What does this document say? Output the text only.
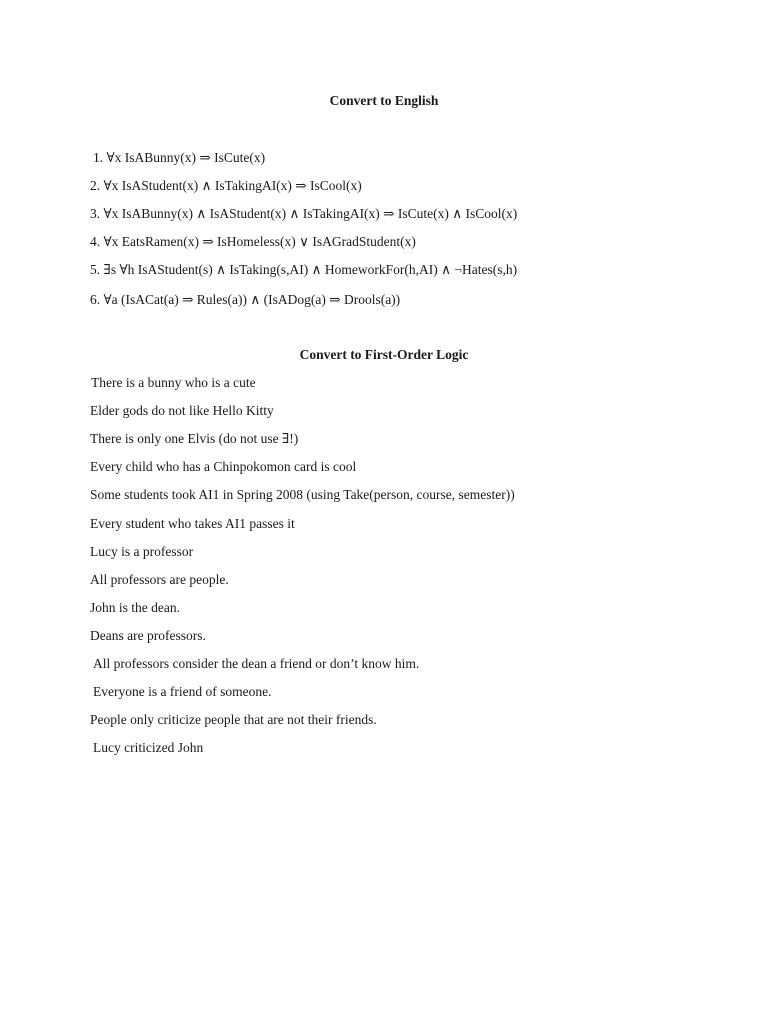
Convert to English
1. ∀x IsABunny(x) ⇒ IsCute(x)
2. ∀x IsAStudent(x) ∧ IsTakingAI(x) ⇒ IsCool(x)
3. ∀x IsABunny(x) ∧ IsAStudent(x) ∧ IsTakingAI(x) ⇒ IsCute(x) ∧ IsCool(x)
4. ∀x EatsRamen(x) ⇒ IsHomeless(x) ∨ IsAGradStudent(x)
5. ∃s ∀h IsAStudent(s) ∧ IsTaking(s,AI) ∧ HomeworkFor(h,AI) ∧ ¬Hates(s,h)
6. ∀a (IsACat(a) ⇒ Rules(a)) ∧ (IsADog(a) ⇒ Drools(a))
Convert to First-Order Logic
There is a bunny who is a cute
Elder gods do not like Hello Kitty
There is only one Elvis (do not use ∃!)
Every child who has a Chinpokomon card is cool
Some students took AI1 in Spring 2008 (using Take(person, course, semester))
Every student who takes AI1 passes it
Lucy is a professor
All professors are people.
John is the dean.
Deans are professors.
All professors consider the dean a friend or don’t know him.
Everyone is a friend of someone.
People only criticize people that are not their friends.
Lucy criticized John
